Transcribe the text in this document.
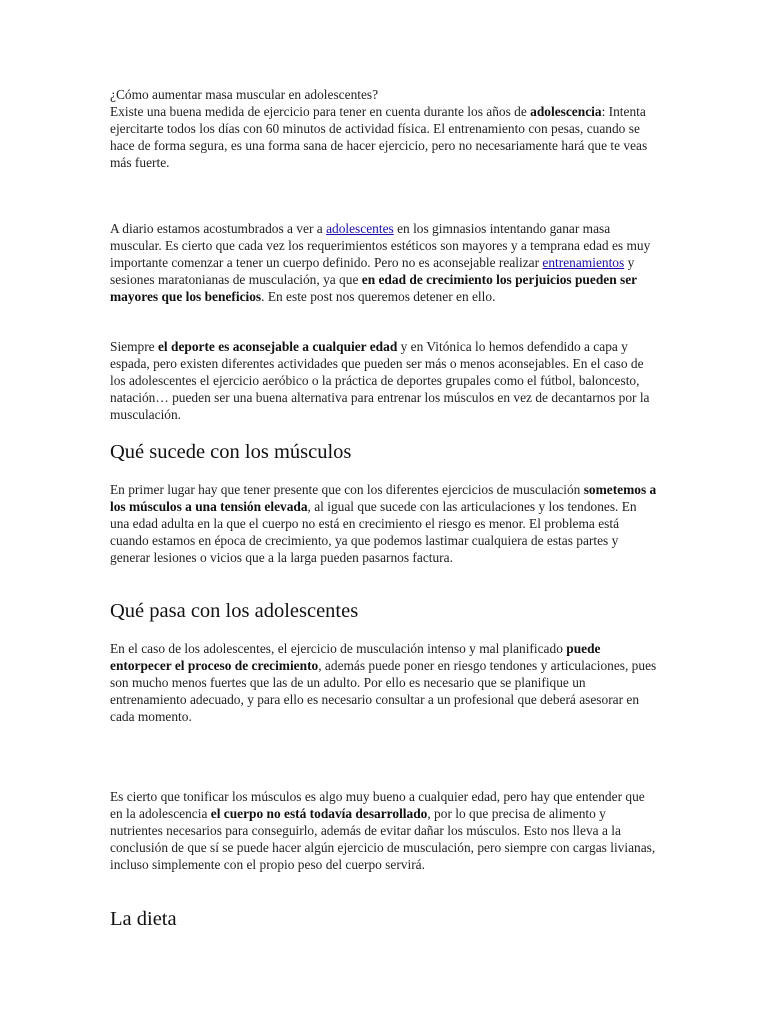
¿Cómo aumentar masa muscular en adolescentes?
Existe una buena medida de ejercicio para tener en cuenta durante los años de adolescencia: Intenta ejercitarte todos los días con 60 minutos de actividad física. El entrenamiento con pesas, cuando se hace de forma segura, es una forma sana de hacer ejercicio, pero no necesariamente hará que te veas más fuerte.

A diario estamos acostumbrados a ver a adolescentes en los gimnasios intentando ganar masa muscular. Es cierto que cada vez los requerimientos estéticos son mayores y a temprana edad es muy importante comenzar a tener un cuerpo definido. Pero no es aconsejable realizar entrenamientos y sesiones maratonianas de musculación, ya que en edad de crecimiento los perjuicios pueden ser mayores que los beneficios. En este post nos queremos detener en ello.

Siempre el deporte es aconsejable a cualquier edad y en Vitónica lo hemos defendido a capa y espada, pero existen diferentes actividades que pueden ser más o menos aconsejables. En el caso de los adolescentes el ejercicio aeróbico o la práctica de deportes grupales como el fútbol, baloncesto, natación… pueden ser una buena alternativa para entrenar los músculos en vez de decantarnos por la musculación.

Qué sucede con los músculos

En primer lugar hay que tener presente que con los diferentes ejercicios de musculación sometemos a los músculos a una tensión elevada, al igual que sucede con las articulaciones y los tendones. En una edad adulta en la que el cuerpo no está en crecimiento el riesgo es menor. El problema está cuando estamos en época de crecimiento, ya que podemos lastimar cualquiera de estas partes y generar lesiones o vicios que a la larga pueden pasarnos factura.

Qué pasa con los adolescentes

En el caso de los adolescentes, el ejercicio de musculación intenso y mal planificado puede entorpecer el proceso de crecimiento, además puede poner en riesgo tendones y articulaciones, pues son mucho menos fuertes que las de un adulto. Por ello es necesario que se planifique un entrenamiento adecuado, y para ello es necesario consultar a un profesional que deberá asesorar en cada momento.

Es cierto que tonificar los músculos es algo muy bueno a cualquier edad, pero hay que entender que en la adolescencia el cuerpo no está todavía desarrollado, por lo que precisa de alimento y nutrientes necesarios para conseguirlo, además de evitar dañar los músculos. Esto nos lleva a la conclusión de que sí se puede hacer algún ejercicio de musculación, pero siempre con cargas livianas, incluso simplemente con el propio peso del cuerpo servirá.

La dieta
